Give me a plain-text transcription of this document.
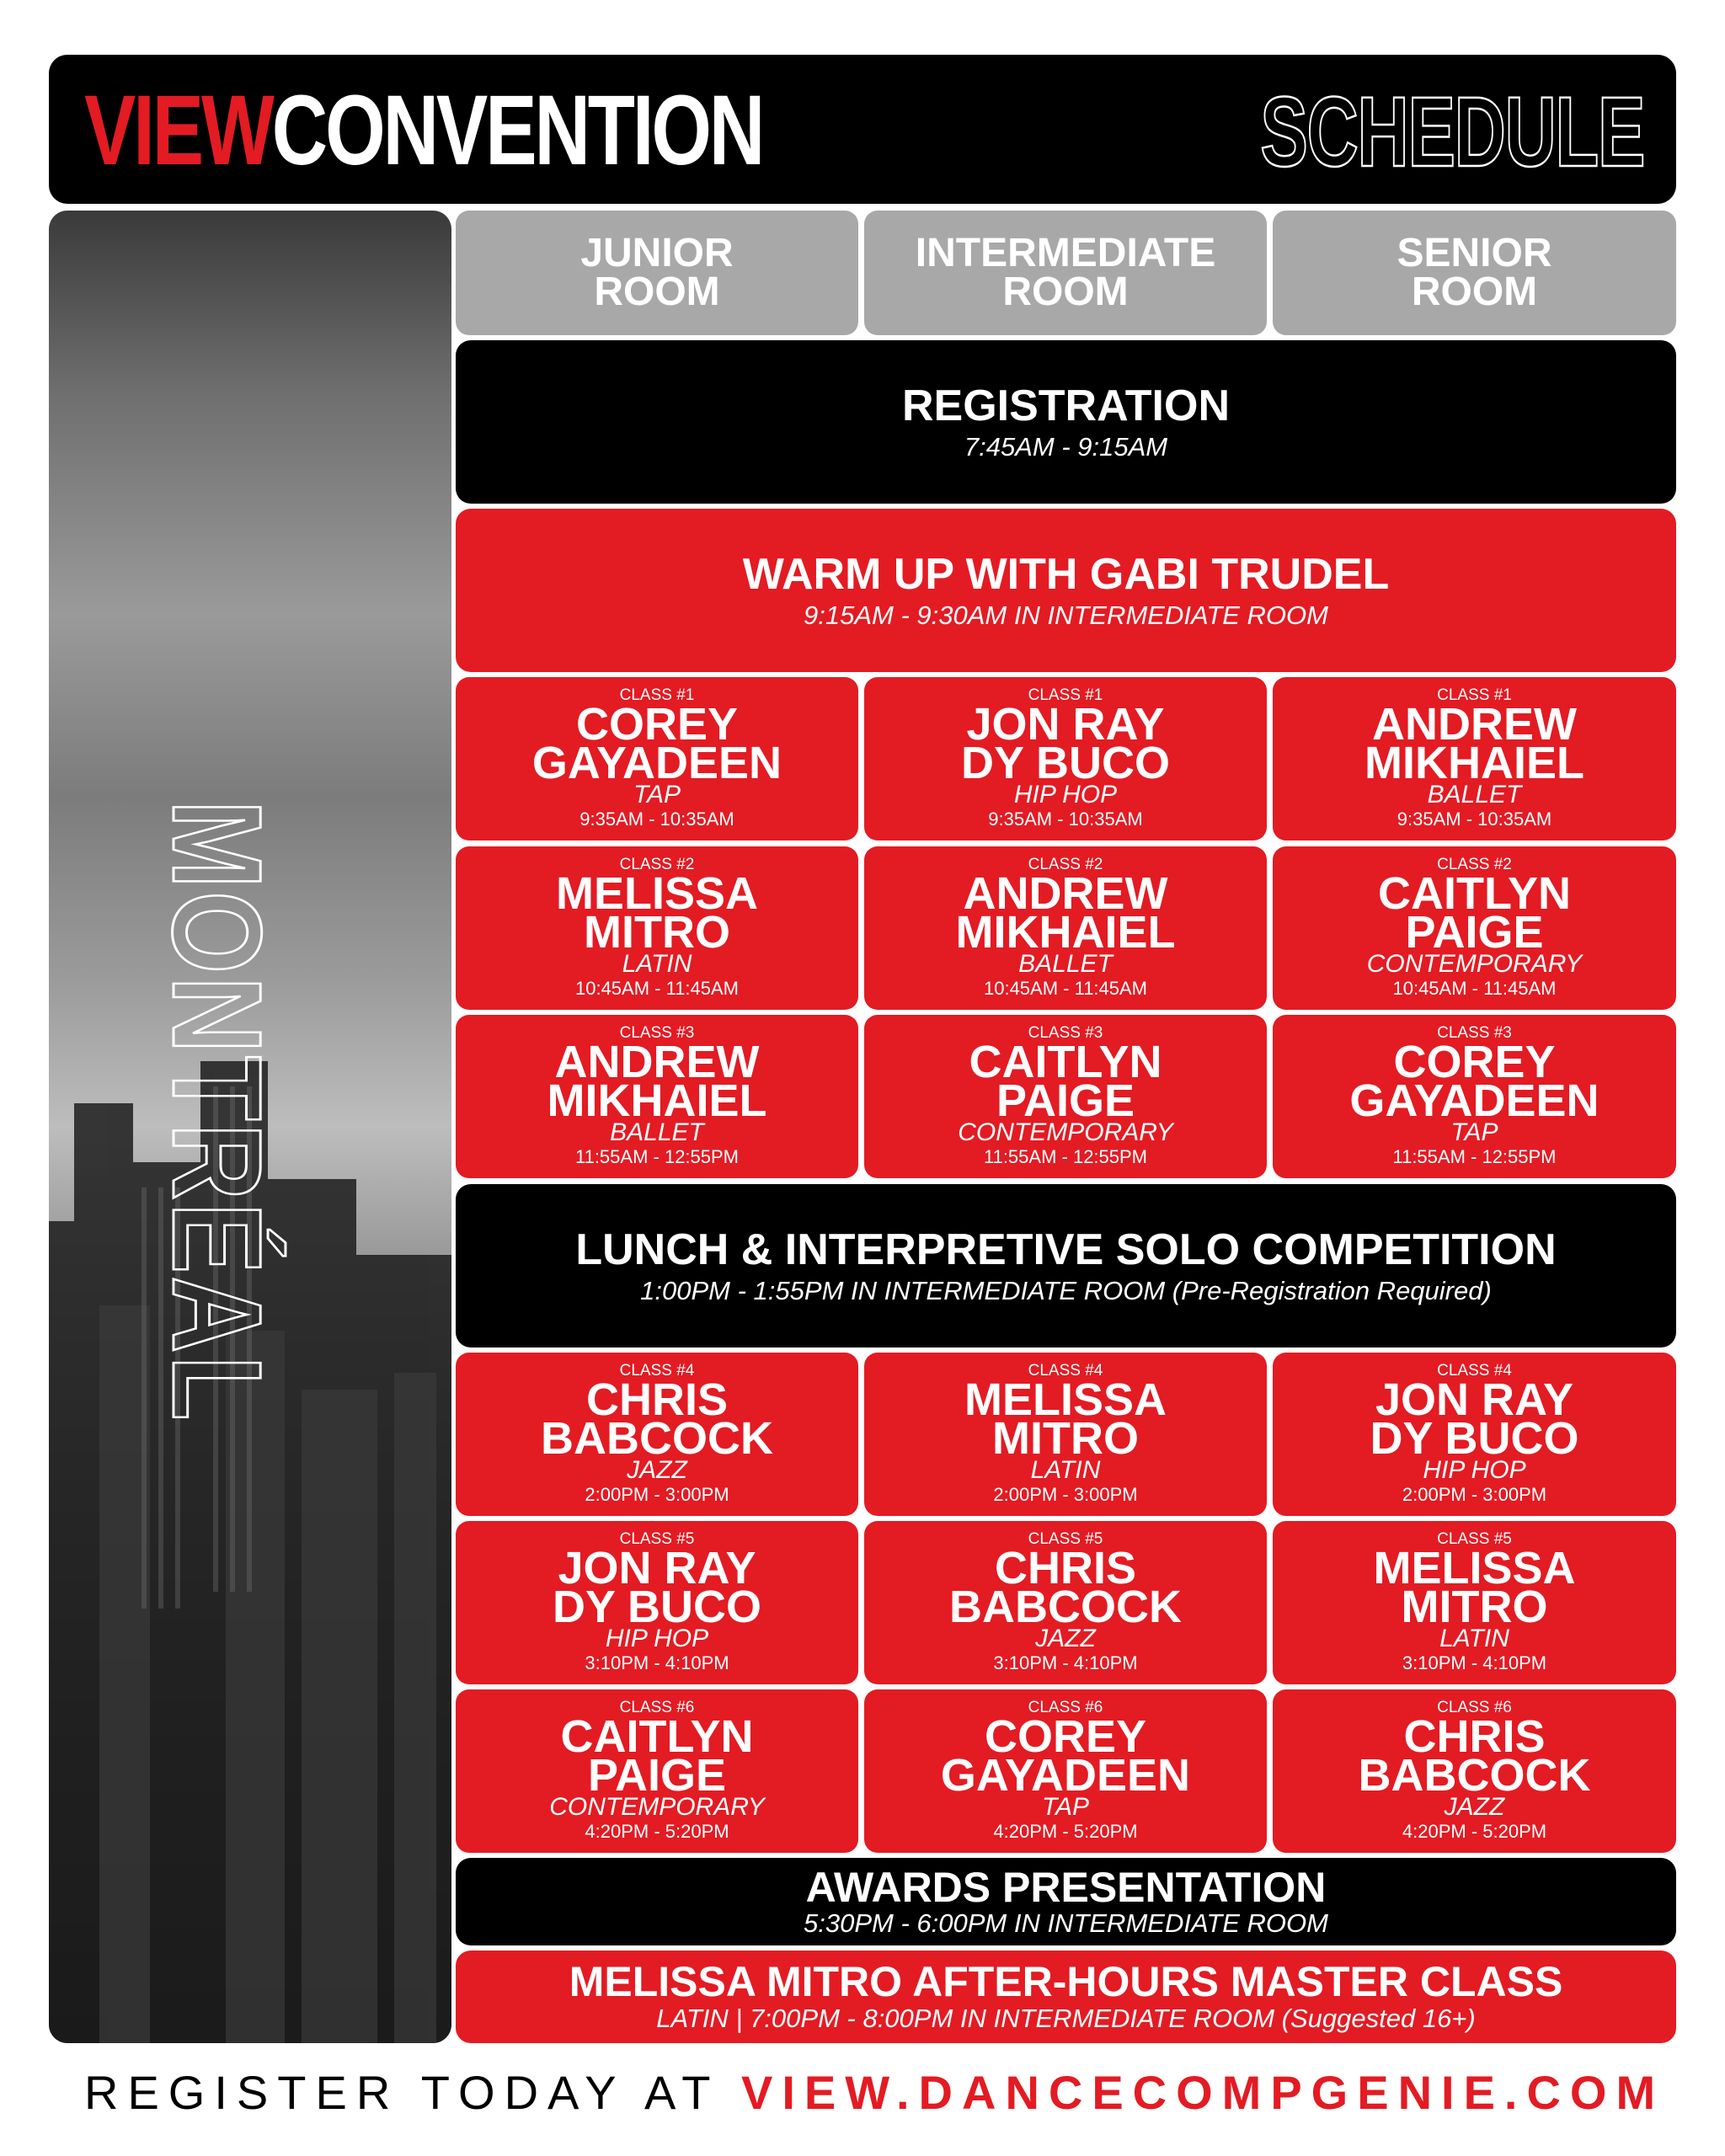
VIEWCONVENTION	SCHEDULE
MONTRÉAL
JUNIOR
ROOM
INTERMEDIATE
ROOM
SENIOR
ROOM
REGISTRATION
7:45AM - 9:15AM
WARM UP WITH GABI TRUDEL
9:15AM - 9:30AM IN INTERMEDIATE ROOM
CLASS #1
COREY
GAYADEEN
TAP
9:35AM - 10:35AM
CLASS #1
JON RAY
DY BUCO
HIP HOP
9:35AM - 10:35AM
CLASS #1
ANDREW
MIKHAIEL
BALLET
9:35AM - 10:35AM
CLASS #2
MELISSA
MITRO
LATIN
10:45AM - 11:45AM
CLASS #2
ANDREW
MIKHAIEL
BALLET
10:45AM - 11:45AM
CLASS #2
CAITLYN
PAIGE
CONTEMPORARY
10:45AM - 11:45AM
CLASS #3
ANDREW
MIKHAIEL
BALLET
11:55AM - 12:55PM
CLASS #3
CAITLYN
PAIGE
CONTEMPORARY
11:55AM - 12:55PM
CLASS #3
COREY
GAYADEEN
TAP
11:55AM - 12:55PM
LUNCH & INTERPRETIVE SOLO COMPETITION
1:00PM - 1:55PM IN INTERMEDIATE ROOM (Pre-Registration Required)
CLASS #4
CHRIS
BABCOCK
JAZZ
2:00PM - 3:00PM
CLASS #4
MELISSA
MITRO
LATIN
2:00PM - 3:00PM
CLASS #4
JON RAY
DY BUCO
HIP HOP
2:00PM - 3:00PM
CLASS #5
JON RAY
DY BUCO
HIP HOP
3:10PM - 4:10PM
CLASS #5
CHRIS
BABCOCK
JAZZ
3:10PM - 4:10PM
CLASS #5
MELISSA
MITRO
LATIN
3:10PM - 4:10PM
CLASS #6
CAITLYN
PAIGE
CONTEMPORARY
4:20PM - 5:20PM
CLASS #6
COREY
GAYADEEN
TAP
4:20PM - 5:20PM
CLASS #6
CHRIS
BABCOCK
JAZZ
4:20PM - 5:20PM
AWARDS PRESENTATION
5:30PM - 6:00PM IN INTERMEDIATE ROOM
MELISSA MITRO AFTER-HOURS MASTER CLASS
LATIN | 7:00PM - 8:00PM IN INTERMEDIATE ROOM (Suggested 16+)
REGISTER TODAY AT VIEW.DANCECOMPGENIE.COM
